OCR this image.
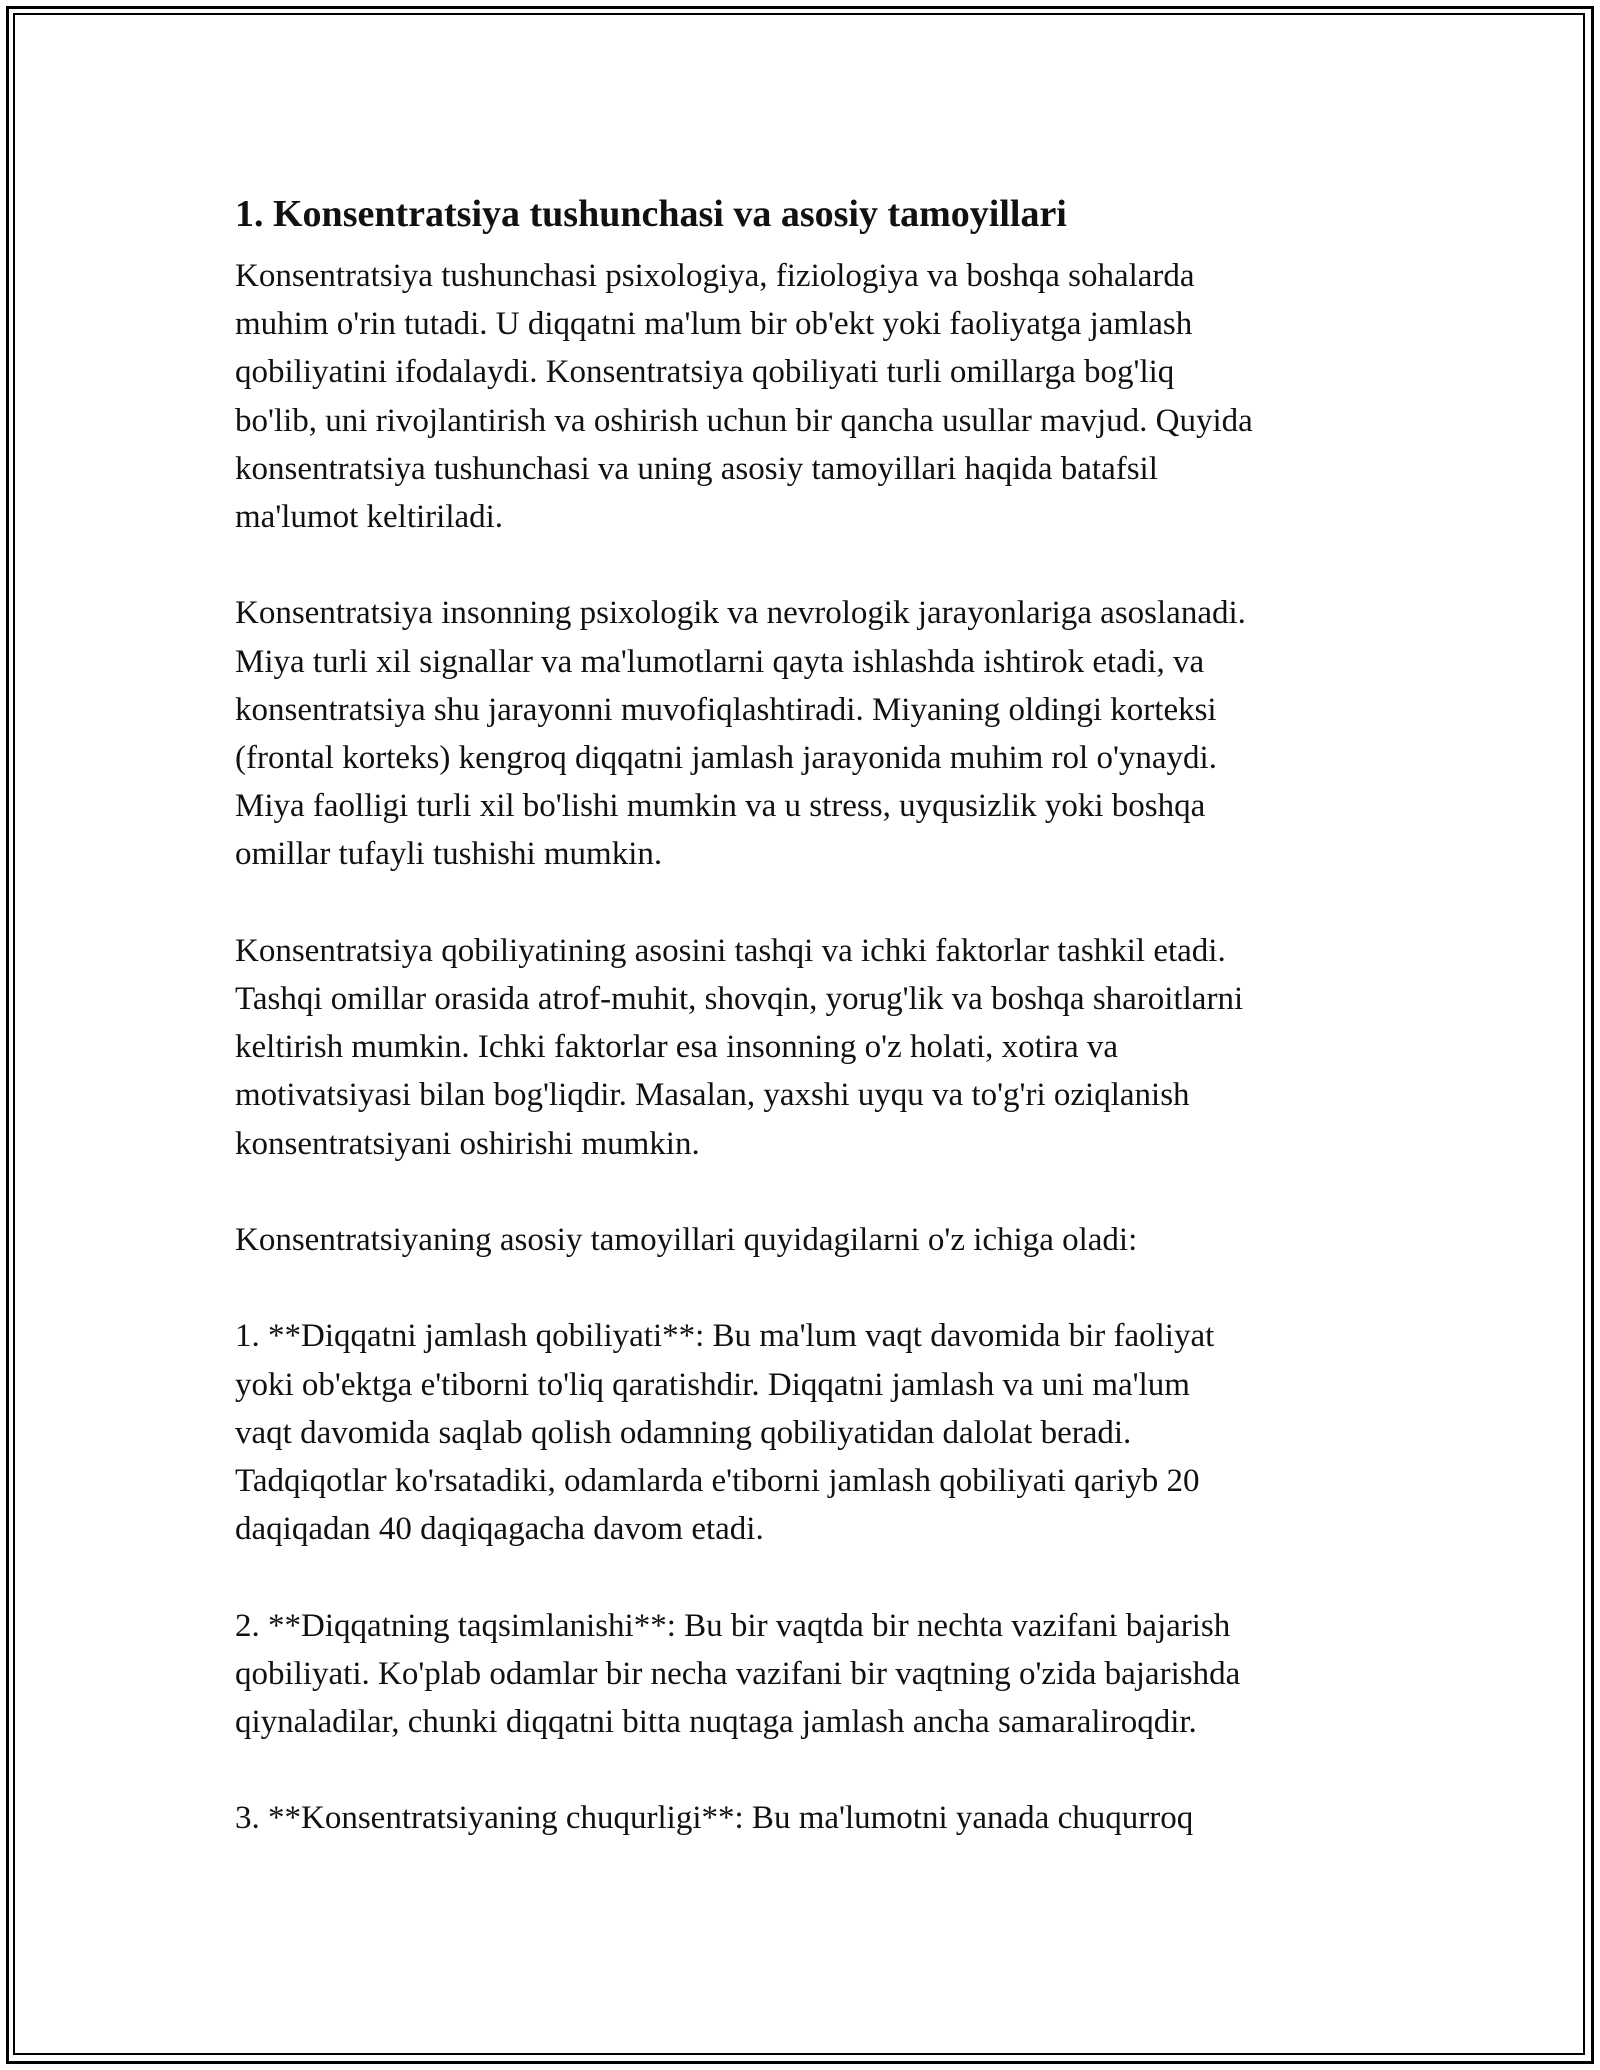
1. Konsentratsiya tushunchasi va asosiy tamoyillari
Konsentratsiya tushunchasi psixologiya, fiziologiya va boshqa sohalarda
muhim o'rin tutadi. U diqqatni ma'lum bir ob'ekt yoki faoliyatga jamlash
qobiliyatini ifodalaydi. Konsentratsiya qobiliyati turli omillarga bog'liq
bo'lib, uni rivojlantirish va oshirish uchun bir qancha usullar mavjud. Quyida
konsentratsiya tushunchasi va uning asosiy tamoyillari haqida batafsil
ma'lumot keltiriladi.
Konsentratsiya insonning psixologik va nevrologik jarayonlariga asoslanadi.
Miya turli xil signallar va ma'lumotlarni qayta ishlashda ishtirok etadi, va
konsentratsiya shu jarayonni muvofiqlashtiradi. Miyaning oldingi korteksi
(frontal korteks) kengroq diqqatni jamlash jarayonida muhim rol o'ynaydi.
Miya faolligi turli xil bo'lishi mumkin va u stress, uyqusizlik yoki boshqa
omillar tufayli tushishi mumkin.
Konsentratsiya qobiliyatining asosini tashqi va ichki faktorlar tashkil etadi.
Tashqi omillar orasida atrof-muhit, shovqin, yorug'lik va boshqa sharoitlarni
keltirish mumkin. Ichki faktorlar esa insonning o'z holati, xotira va
motivatsiyasi bilan bog'liqdir. Masalan, yaxshi uyqu va to'g'ri oziqlanish
konsentratsiyani oshirishi mumkin.
Konsentratsiyaning asosiy tamoyillari quyidagilarni o'z ichiga oladi:
1. **Diqqatni jamlash qobiliyati**: Bu ma'lum vaqt davomida bir faoliyat
yoki ob'ektga e'tiborni to'liq qaratishdir. Diqqatni jamlash va uni ma'lum
vaqt davomida saqlab qolish odamning qobiliyatidan dalolat beradi.
Tadqiqotlar ko'rsatadiki, odamlarda e'tiborni jamlash qobiliyati qariyb 20
daqiqadan 40 daqiqagacha davom etadi.
2. **Diqqatning taqsimlanishi**: Bu bir vaqtda bir nechta vazifani bajarish
qobiliyati. Ko'plab odamlar bir necha vazifani bir vaqtning o'zida bajarishda
qiynaladilar, chunki diqqatni bitta nuqtaga jamlash ancha samaraliroqdir.
3. **Konsentratsiyaning chuqurligi**: Bu ma'lumotni yanada chuqurroq
